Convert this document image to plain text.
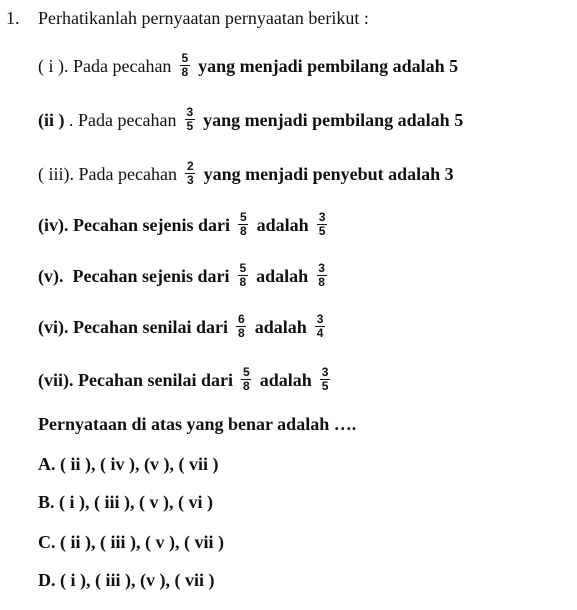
1. Perhatikanlah pernyaatan pernyaatan berikut :
( i ). Pada pecahan $\frac{5}{8}$ yang menjadi pembilang adalah 5
(ii ) . Pada pecahan $\frac{3}{5}$ yang menjadi pembilang adalah 5
( iii). Pada pecahan $\frac{2}{3}$ yang menjadi penyebut adalah 3
(iv). Pecahan sejenis dari $\frac{5}{8}$ adalah $\frac{3}{5}$
(v).  Pecahan sejenis dari $\frac{5}{8}$ adalah $\frac{3}{8}$
(vi). Pecahan senilai dari $\frac{6}{8}$ adalah $\frac{3}{4}$
(vii). Pecahan senilai dari $\frac{5}{8}$ adalah $\frac{3}{5}$
Pernyataan di atas yang benar adalah ….
A. ( ii ), ( iv ), (v ), ( vii )
B. ( i ), ( iii ), ( v ), ( vi )
C. ( ii ), ( iii ), ( v ), ( vii )
D. ( i ), ( iii ), (v ), ( vii )
